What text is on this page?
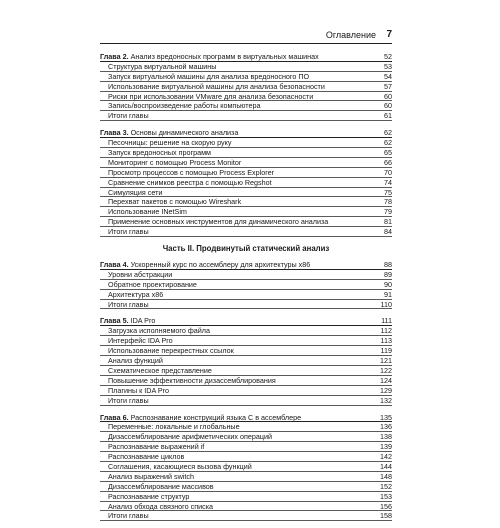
Оглавление 7
Глава 2. Анализ вредоносных программ в виртуальных машинах	52
Структура виртуальной машины	53
Запуск виртуальной машины для анализа вредоносного ПО	54
Использование виртуальной машины для анализа безопасности	57
Риски при использовании VMware для анализа безопасности	60
Запись/воспроизведение работы компьютера	60
Итоги главы	61
Глава 3. Основы динамического анализа	62
Песочницы: решение на скорую руку	62
Запуск вредоносных программ	65
Мониторинг с помощью Process Monitor	66
Просмотр процессов с помощью Process Explorer	70
Сравнение снимков реестра с помощью Regshot	74
Симуляция сети	75
Перехват пакетов с помощью Wireshark	78
Использование INetSim	79
Применение основных инструментов для динамического анализа	81
Итоги главы	84
Часть II. Продвинутый статический анализ
Глава 4. Ускоренный курс по ассемблеру для архитектуры x86	88
Уровни абстракции	89
Обратное проектирование	90
Архитектура x86	91
Итоги главы	110
Глава 5. IDA Pro	111
Загрузка исполняемого файла	112
Интерфейс IDA Pro	113
Использование перекрестных ссылок	119
Анализ функций	121
Схематическое представление	122
Повышение эффективности дизассемблирования	124
Плагины к IDA Pro	129
Итоги главы	132
Глава 6. Распознавание конструкций языка C в ассемблере	135
Переменные: локальные и глобальные	136
Дизассемблирование арифметических операций	138
Распознавание выражений if	139
Распознавание циклов	142
Соглашения, касающиеся вызова функций	144
Анализ выражений switch	148
Дизассемблирование массивов	152
Распознавание структур	153
Анализ обхода связного списка	156
Итоги главы	158
